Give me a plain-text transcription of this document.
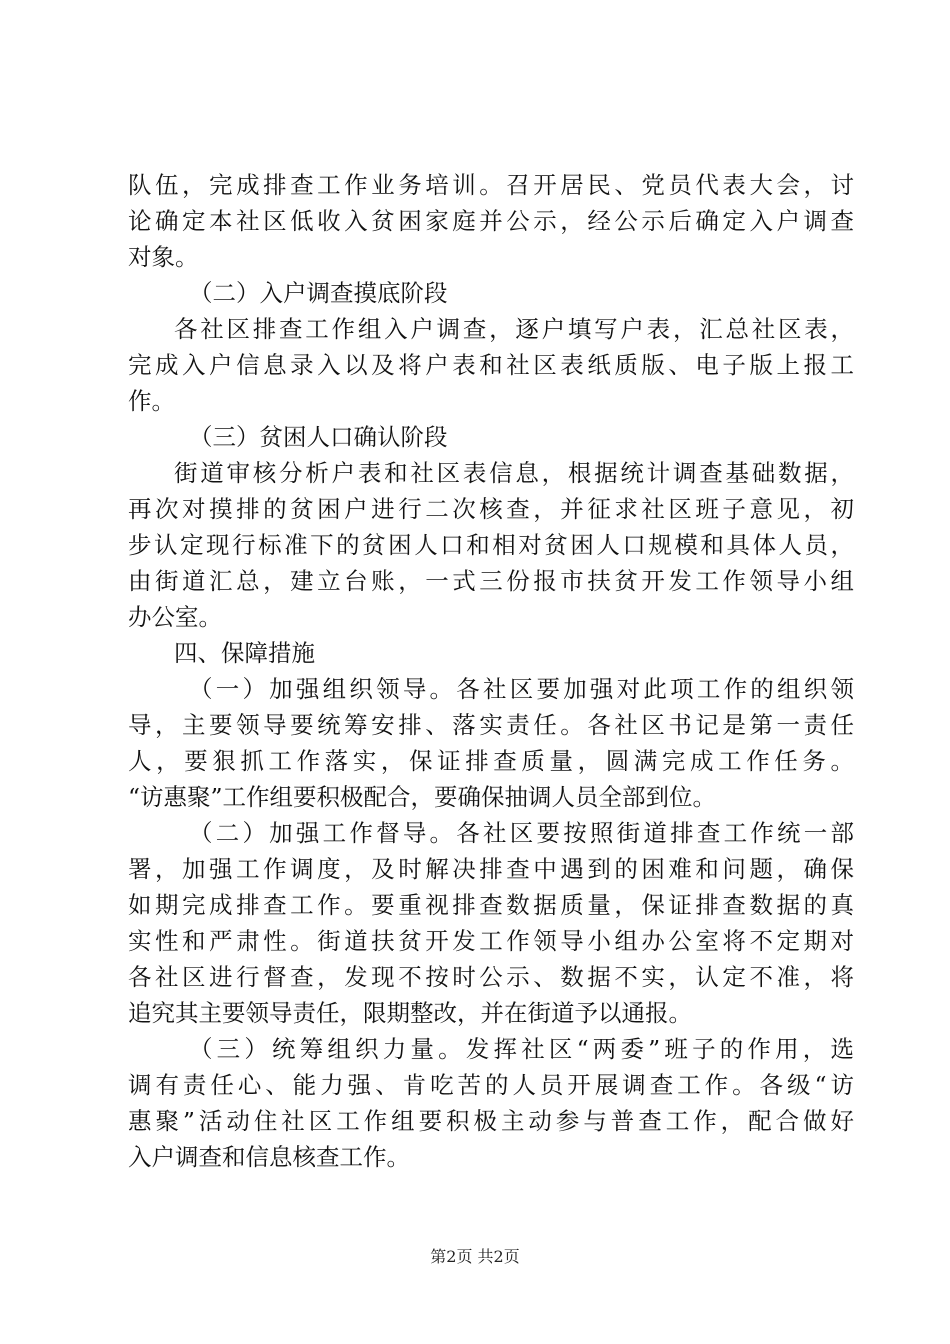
队伍，完成排查工作业务培训。召开居民、党员代表大会，讨
论确定本社区低收入贫困家庭并公示，经公示后确定入户调查
对象。
（二）入户调查摸底阶段
各社区排查工作组入户调查，逐户填写户表，汇总社区表，
完成入户信息录入以及将户表和社区表纸质版、电子版上报工
作。
（三）贫困人口确认阶段
街道审核分析户表和社区表信息，根据统计调查基础数据，
再次对摸排的贫困户进行二次核查，并征求社区班子意见，初
步认定现行标准下的贫困人口和相对贫困人口规模和具体人员，
由街道汇总，建立台账，一式三份报市扶贫开发工作领导小组
办公室。
四、保障措施
（一）加强组织领导。各社区要加强对此项工作的组织领
导，主要领导要统筹安排、落实责任。各社区书记是第一责任
人，要狠抓工作落实，保证排查质量，圆满完成工作任务。
“访惠聚”工作组要积极配合，要确保抽调人员全部到位。
（二）加强工作督导。各社区要按照街道排查工作统一部
署，加强工作调度，及时解决排查中遇到的困难和问题，确保
如期完成排查工作。要重视排查数据质量，保证排查数据的真
实性和严肃性。街道扶贫开发工作领导小组办公室将不定期对
各社区进行督查，发现不按时公示、数据不实，认定不准，将
追究其主要领导责任，限期整改，并在街道予以通报。
（三）统筹组织力量。发挥社区“两委”班子的作用，选
调有责任心、能力强、肯吃苦的人员开展调查工作。各级“访
惠聚”活动住社区工作组要积极主动参与普查工作，配合做好
入户调查和信息核查工作。
第2页 共2页
